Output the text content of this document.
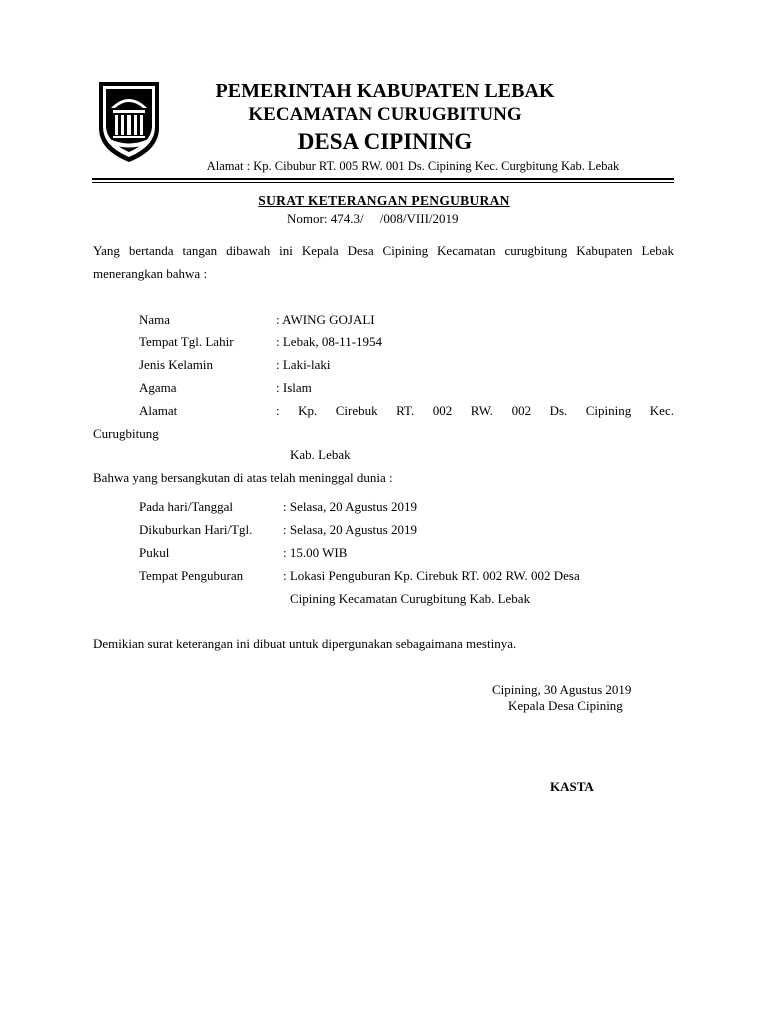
PEMERINTAH KABUPATEN LEBAK
KECAMATAN CURUGBITUNG
DESA CIPINING
Alamat : Kp. Cibubur RT. 005 RW. 001 Ds. Cipining Kec. Curgbitung Kab. Lebak
SURAT KETERANGAN PENGUBURAN
Nomor: 474.3/     /008/VIII/2019
Yang bertanda tangan dibawah ini Kepala Desa Cipining Kecamatan curugbitung Kabupaten Lebak menerangkan bahwa :
Nama	: AWING GOJALI
Tempat Tgl. Lahir	: Lebak, 08-11-1954
Jenis Kelamin	: Laki-laki
Agama	: Islam
Alamat	: Kp. Cirebuk RT. 002 RW. 002 Ds. Cipining Kec.
Curugbitung
Kab. Lebak
Bahwa yang bersangkutan di atas telah meninggal dunia :
Pada hari/Tanggal	: Selasa, 20 Agustus 2019
Dikuburkan Hari/Tgl. : Selasa, 20 Agustus 2019
Pukul	: 15.00 WIB
Tempat Penguburan	: Lokasi Penguburan Kp. Cirebuk RT. 002 RW. 002 Desa
Cipining Kecamatan Curugbitung Kab. Lebak
Demikian surat keterangan ini dibuat untuk dipergunakan sebagaimana mestinya.
Cipining, 30 Agustus 2019
Kepala Desa Cipining
KASTA
